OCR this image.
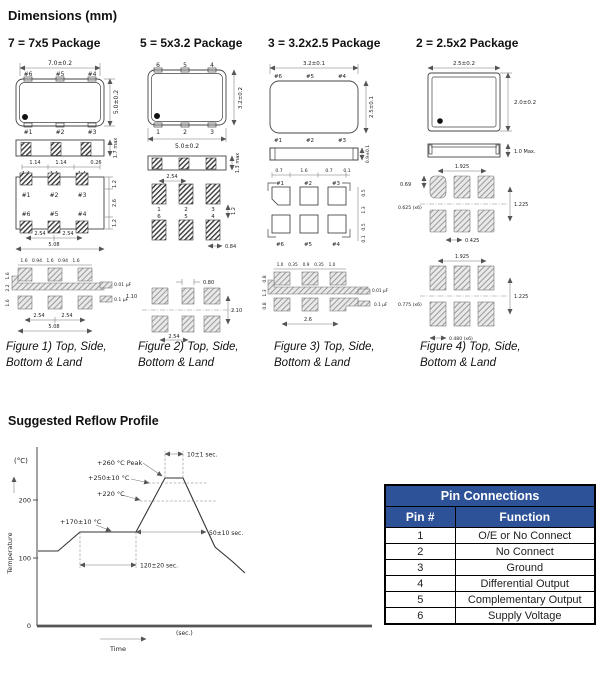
Dimensions (mm)
7 = 7x5 Package	5 = 5x3.2 Package 3 = 3.2x2.5 Package	2 = 2.5x2 Package
7.0±0.2
#6	#5	#4
#1	#2	#3
5.0±0.2
1.7 max
1.14	1.14	0.26
#1	#2	#3
#6	#5	#4
1.2
2.6
1.2
2.54	2.54
5.08
1.6 0.94 1.6 0.94 1.6
1.6
2.2
1.6
2.54	2.54
5.08
0.01 µF
0.1 µF
6	5	4
1	2	3
3.2±0.2
5.0±0.2
1.3 max
2.54
1	2	3
6	5	4
1.2
0.84
0.80
1.10
2.10
2.54
3.2±0.1
#6	#5	#4
#1	#2	#3
2.5±0.1
0.9±0.1
0.7	1.6	0.7 0.1
#1	#2	#3
#6	#5	#4
0.5
1.3
0.5
0.1
1.0 0.35 0.9 0.35 1.0
0.8
1.3
0.8
2.6
0.01 µF
0.1 µF
2.5±0.2
2.0±0.2
1.0 Max.
1.925
0.69
0.625 (x6)
1.225
0.425
1.925
1.225
0.775 (x6)
0.480 (x6)
Figure 1) Top, Side,
Bottom & Land
Figure 2) Top, Side,
Bottom & Land
Figure 3) Top, Side,
Bottom & Land
Figure 4) Top, Side,
Bottom & Land
Suggested Reflow Profile
(°C)
Temperature
200
100
0
120±20 sec.
50±10 sec.
10±1 sec.
+260 °C Peak
+250±10 °C
+220 °C
+170±10 °C
Time
(sec.)
Pin Connections	
Pin #	Function
1	O/E or No Connect
2	No Connect
3	Ground
4	Differential Output
5	Complementary Output
6	Supply Voltage
